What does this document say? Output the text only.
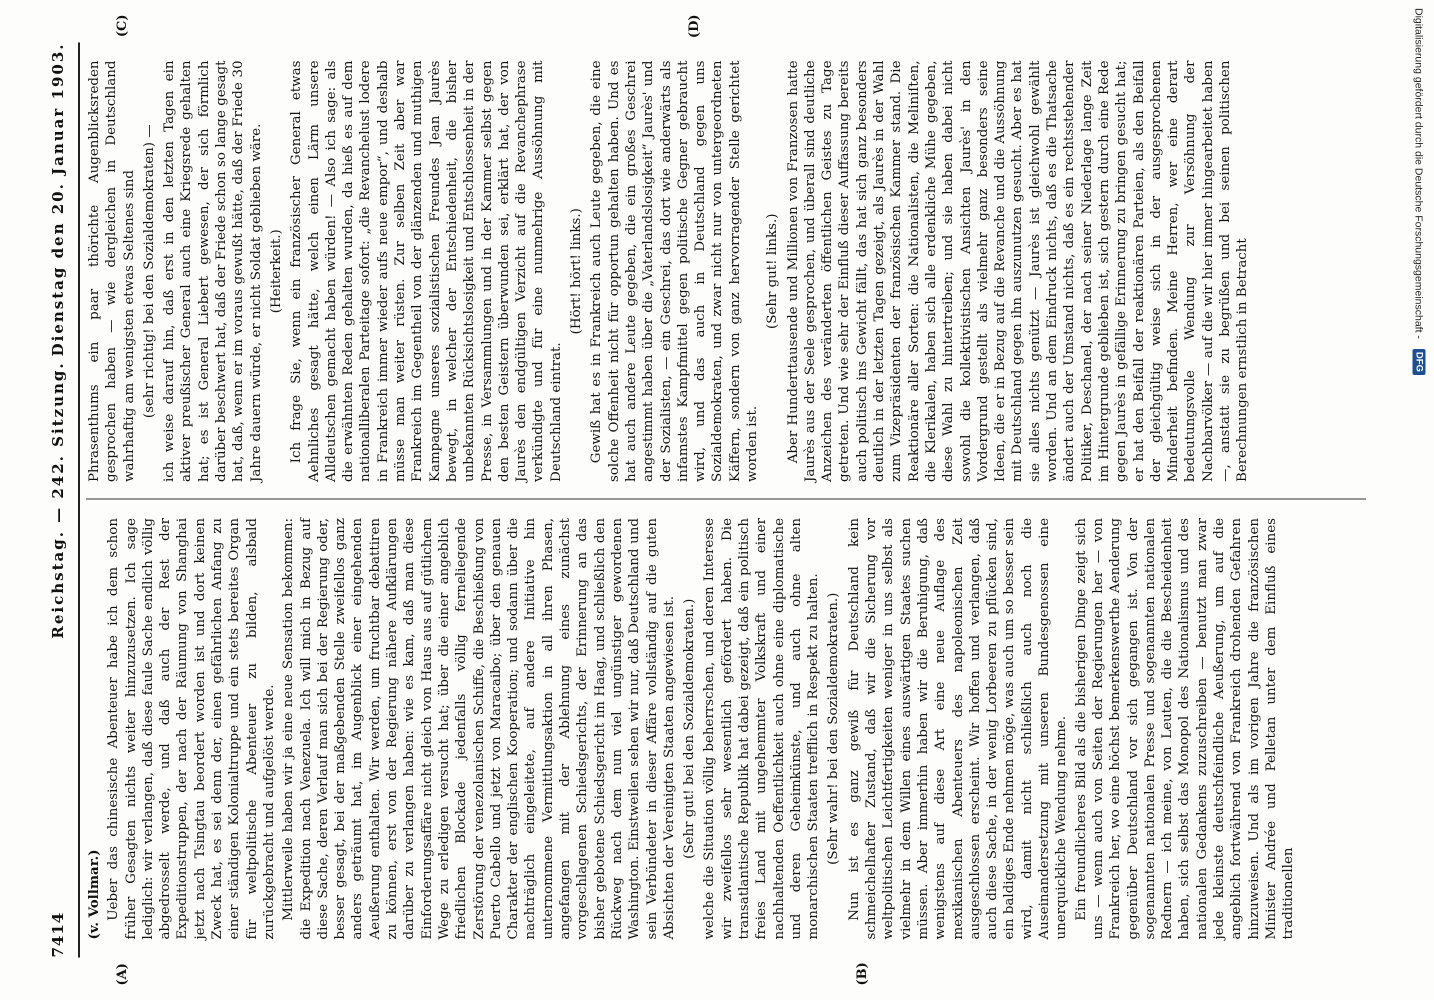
7414
Reichstag. — 242. Sitzung.
Dienstag den 20. Januar 1903.
(A)	(B)

(v. Vollmar.) Ueber das chinesische Abenteuer habe ich dem schon früher Gesagten nichts weiter hinzuzusetzen. Ich sage lediglich: wir verlangen, daß diese faule Sache endlich völlig abgedrosselt werde, und daß auch der Rest der Expeditionstruppen, der nach der Räumung von Shanghai jetzt nach Tsingtau beordert worden ist und dort keinen Zweck hat, es sei denn der, einen gefährlichen Anfang zu einer ständigen Kolonialtruppe und ein stets bereites Organ für weltpolitische Abenteuer zu bilden, alsbald zurückgebracht und aufgelöst werde. Mittlerweile haben wir ja eine neue Sensation bekommen: die Expedition nach Venezuela. Ich will mich in Bezug auf diese Sache, deren Verlauf man sich bei der Regierung oder, besser gesagt, bei der maßgebenden Stelle zweifellos ganz anders geträumt hat, im Augenblick einer eingehenden Aeußerung enthalten. Wir werden, um fruchtbar debattiren zu können, erst von der Regierung nähere Aufklärungen darüber zu verlangen haben: wie es kam, daß man diese Einforderungsaffäre nicht gleich von Haus aus auf gütlichem Wege zu erledigen versucht hat; über die einer angeblich friedlichen Blockade jedenfalls völlig ferneliegende Zerstörung der venezolanischen Schiffe, die Beschießung von Puerto Cabello und jetzt von Maracaibo; über den genauen Charakter der englischen Kooperation; und sodann über die nachträglich eingeleitete, auf andere Initiative hin unternommene Vermittlungsaktion in all ihren Phasen, angefangen mit der Ablehnung eines zunächst vorgeschlagenen Schiedsgerichts, der Erinnerung an das bisher gebotene Schiedsgericht im Haag, und schließlich den Rückweg nach dem nun viel ungünstiger gewordenen Washington. Einstweilen sehen wir nur, daß Deutschland und sein Verbündeter in dieser Affäre vollständig auf die guten Absichten der Vereinigten Staaten angewiesen ist. (Sehr gut! bei den Sozialdemokraten.) welche die Situation völlig beherrschen, und deren Interesse wir zweifellos sehr wesentlich gefördert haben. Die transatlantische Republik hat dabei gezeigt, daß ein politisch freies Land mit ungehemmter Volkskraft und einer nachhaltenden Oeffentlichkeit auch ohne eine diplomatische und deren Geheimkünste, und auch ohne alten monarchischen Staaten trefflich in Respekt zu halten. (Sehr wahr! bei den Sozialdemokraten.) Nun ist es ganz gewiß für Deutschland kein schmeichelhafter Zustand, daß wir die Sicherung vor weltpolitischen Leichtfertigkeiten weniger in uns selbst als vielmehr in dem Willen eines auswärtigen Staates suchen müssen. Aber immerhin haben wir die Beruhigung, daß wenigstens auf diese Art eine neue Auflage des mexikanischen Abenteuers des napoleonischen Zeit ausgeschlossen erscheint. Wir hoffen und verlangen, daß auch diese Sache, in der wenig Lorbeeren zu pflücken sind, ein baldiges Ende nehmen möge, was auch um so besser sein wird, damit nicht schließlich auch noch die Auseinandersetzung mit unseren Bundesgenossen eine unerquickliche Wendung nehme. Ein freundlicheres Bild als die bisherigen Dinge zeigt sich uns — wenn auch von Seiten der Regierungen her — von Frankreich her, wo eine höchst bemerkenswerthe Aenderung gegenüber Deutschland vor sich gegangen ist. Von der sogenannten nationalen Presse und sogenannten nationalen Rednern — ich meine, von Leuten, die die Bescheidenheit haben, sich selbst das Monopol des Nationalismus und des nationalen Gedankens zuzuschreiben — benutzt man zwar jede kleinste deutschfeindliche Aeußerung, um auf die angeblich fortwährend von Frankreich drohenden Gefahren hinzuweisen. Und als im vorigen Jahre die französischen Minister Andrée und Pelletan unter dem Einfluß eines traditionellen

(C)	(D)

Phrasenthums ein paar thörichte Augenblicksreden gesprochen haben — wie dergleichen in Deutschland wahrhaftig am wenigsten etwas Seltenes sind (sehr richtig! bei den Sozialdemokraten) — ich weise darauf hin, daß erst in den letzten Tagen ein aktiver preußischer General auch eine Kriegsrede gehalten hat; es ist General Liebert gewesen, der sich förmlich darüber beschwert hat, daß der Friede schon so lange gesagt hat, daß, wenn er im voraus gewußt hätte, daß der Friede 30 Jahre dauern würde, er nicht Soldat geblieben wäre. (Heiterkeit.) Ich frage Sie, wenn ein französischer General etwas Aehnliches gesagt hätte, welch einen Lärm unsere Alldeutschen gemacht haben würden! — Also ich sage: als die erwähnten Reden gehalten wurden, da hieß es auf dem nationalliberalen Parteitage sofort: „die Revanchelust lodere in Frankreich immer wieder aufs neue empor“, und deshalb müsse man weiter rüsten. Zur selben Zeit aber war Frankreich im Gegentheil von der glänzenden und muthigen Kampagne unseres sozialistischen Freundes Jean Jaurès bewegt, in welcher der Entschiedenheit, die bisher unbekannten Rücksichtslosigkeit und Entschlossenheit in der Presse, in Versammlungen und in der Kammer selbst gegen den besten Geistern überwunden sei, erklärt hat, der von Jaurès den endgültigen Verzicht auf die Revanchephrase verkündigte und für eine nunmehrige Aussöhnung mit Deutschland eintrat.

(Hört! hört! links.) Gewiß hat es in Frankreich auch Leute gegeben, die eine solche Offenheit nicht für opportun gehalten haben. Und es hat auch andere Leute gegeben, die ein großes Geschrei angestimmt haben über die „Vaterlandslosigkeit“ Jaurès' und der Sozialisten, — ein Geschrei, das dort wie anderwärts als infamstes Kampfmittel gegen politische Gegner gebraucht wird, und das auch in Deutschland gegen uns Sozialdemokraten, und zwar nicht nur von untergeordneten Käffern, sondern von ganz hervorragender Stelle gerichtet worden ist.

(Sehr gut! links.) Aber Hunderttausende und Millionen von Franzosen hatte Jaurès aus der Seele gesprochen, und überall sind deutliche Anzeichen des veränderten öffentlichen Geistes zu Tage getreten. Und wie sehr der Einfluß dieser Auffassung bereits auch politisch ins Gewicht fällt, das hat sich ganz besonders deutlich in der letzten Tagen gezeigt, als Jaurès in der Wahl zum Vizepräsidenten der französischen Kammer stand. Die Reaktionäre aller Sorten: die Nationalisten, die Meliniſten, die Klerikalen, haben sich alle erdenkliche Mühe gegeben, diese Wahl zu hintertreiben; und sie haben dabei nicht sowohl die kollektivistischen Ansichten Jaurès' in den Vordergrund gestellt als vielmehr ganz besonders seine Ideen, die er in Bezug auf die Revanche und die Aussöhnung mit Deutschland gegen ihn auszunutzen gesucht. Aber es hat sie alles nichts genützt — Jaurès ist gleichwohl gewählt worden. Und an dem Eindruck nichts, daß es die Thatsache ändert auch der Umstand nichts, daß es ein rechtsstehender Politiker, Deschanel, der nach seiner Niederlage lange Zeit im Hintergrunde geblieben ist, sich gestern durch eine Rede gegen Jaurès in gefällige Erinnerung zu bringen gesucht hat; er hat den Beifall der reaktionären Parteien, als den Beifall der gleichgültig weise sich in der ausgesprochenen Minderheit befinden. Meine Herren, wer eine derart bedeutungsvolle Wendung zur Versöhnung der Nachbarvölker — auf die wir hier immer hingearbeitet haben —, anstatt sie zu begrüßen und bei seinen politischen Berechnungen ernstlich in Betracht

Digitalisierung gefördert durch die Deutsche Forschungsgemeinschaft -
DFG
